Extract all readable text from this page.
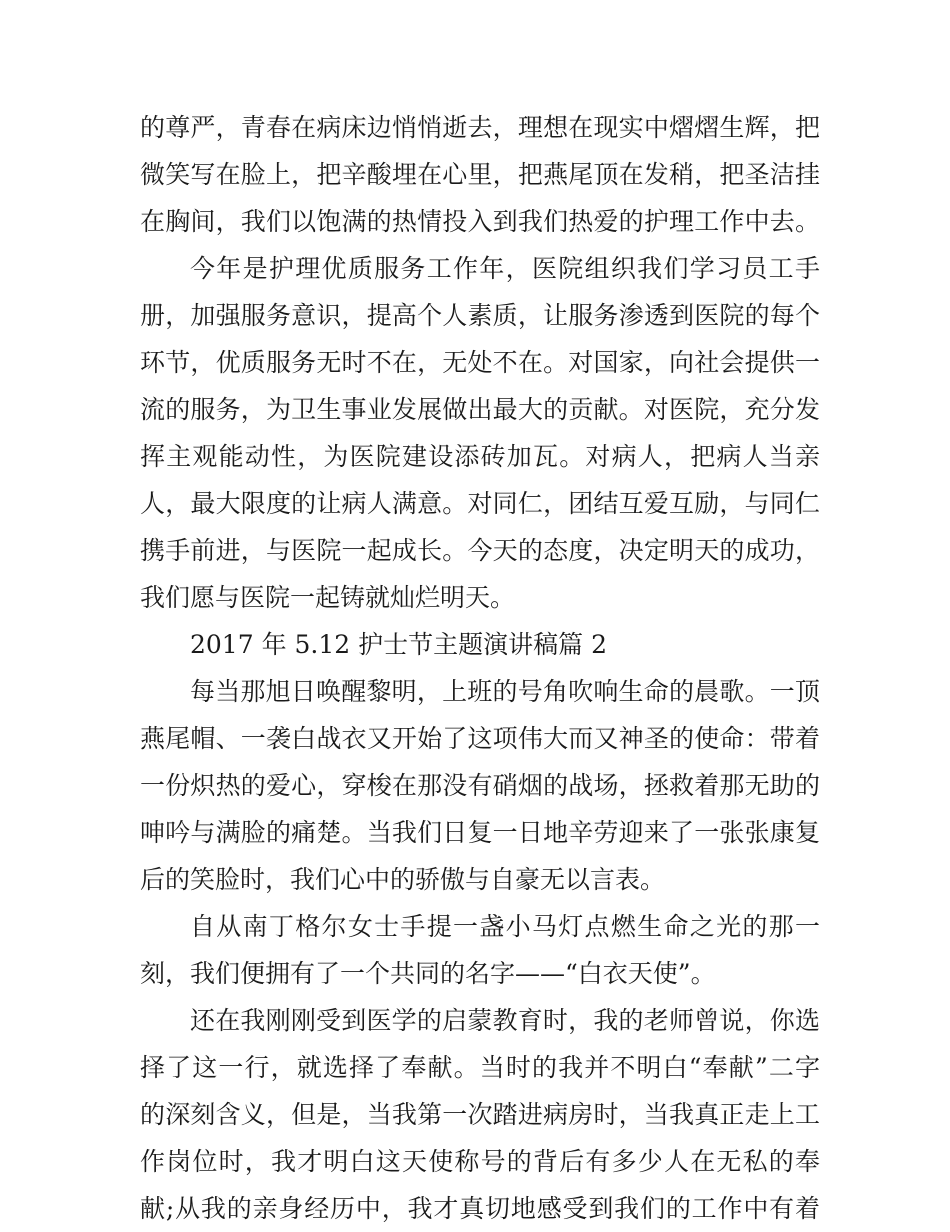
的尊严，青春在病床边悄悄逝去，理想在现实中熠熠生辉，把
微笑写在脸上，把辛酸埋在心里，把燕尾顶在发稍，把圣洁挂
在胸间，我们以饱满的热情投入到我们热爱的护理工作中去。
今年是护理优质服务工作年，医院组织我们学习员工手
册，加强服务意识，提高个人素质，让服务渗透到医院的每个
环节，优质服务无时不在，无处不在。对国家，向社会提供一
流的服务，为卫生事业发展做出最大的贡献。对医院，充分发
挥主观能动性，为医院建设添砖加瓦。对病人，把病人当亲
人，最大限度的让病人满意。对同仁，团结互爱互励，与同仁
携手前进，与医院一起成长。今天的态度，决定明天的成功，
我们愿与医院一起铸就灿烂明天。
2017 年 5.12 护士节主题演讲稿篇 2
每当那旭日唤醒黎明，上班的号角吹响生命的晨歌。一顶
燕尾帽、一袭白战衣又开始了这项伟大而又神圣的使命：带着
一份炽热的爱心，穿梭在那没有硝烟的战场，拯救着那无助的
呻吟与满脸的痛楚。当我们日复一日地辛劳迎来了一张张康复
后的笑脸时，我们心中的骄傲与自豪无以言表。
自从南丁格尔女士手提一盏小马灯点燃生命之光的那一
刻，我们便拥有了一个共同的名字——“白衣天使”。
还在我刚刚受到医学的启蒙教育时，我的老师曾说，你选
择了这一行，就选择了奉献。当时的我并不明白“奉献”二字
的深刻含义，但是，当我第一次踏进病房时，当我真正走上工
作岗位时，我才明白这天使称号的背后有多少人在无私的奉
献;从我的亲身经历中，我才真切地感受到我们的工作中有着
